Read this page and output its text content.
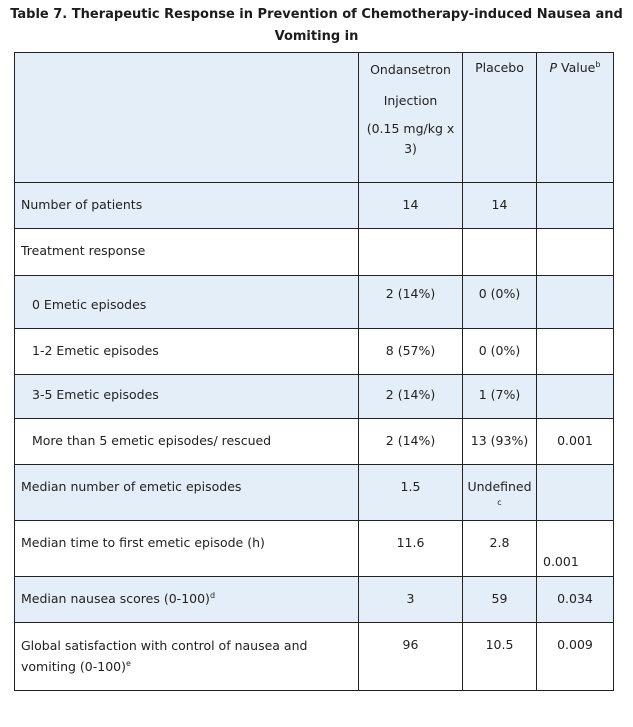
Table 7. Therapeutic Response in Prevention of Chemotherapy-induced Nausea and Vomiting in

	Ondansetron
Injection
(0.15 mg/kg x
3)	Placebo	P Value$^b$
Number of patients	14	14	
Treatment response			
0 Emetic episodes	2 (14%)	0 (0%)	
1-2 Emetic episodes	8 (57%)	0 (0%)	
3-5 Emetic episodes	2 (14%)	1 (7%)	
More than 5 emetic episodes/ rescued	2 (14%)	13 (93%)	0.001
Median number of emetic episodes	1.5	Undefined
c	

Median time to first emetic episode (h)	11.6	2.8	0.001
Median nausea scores $(0-100)^d$	3	59	0.034

Global satisfaction with control of nausea and
vomiting $(0-100)^e$	96	10.5	0.009
